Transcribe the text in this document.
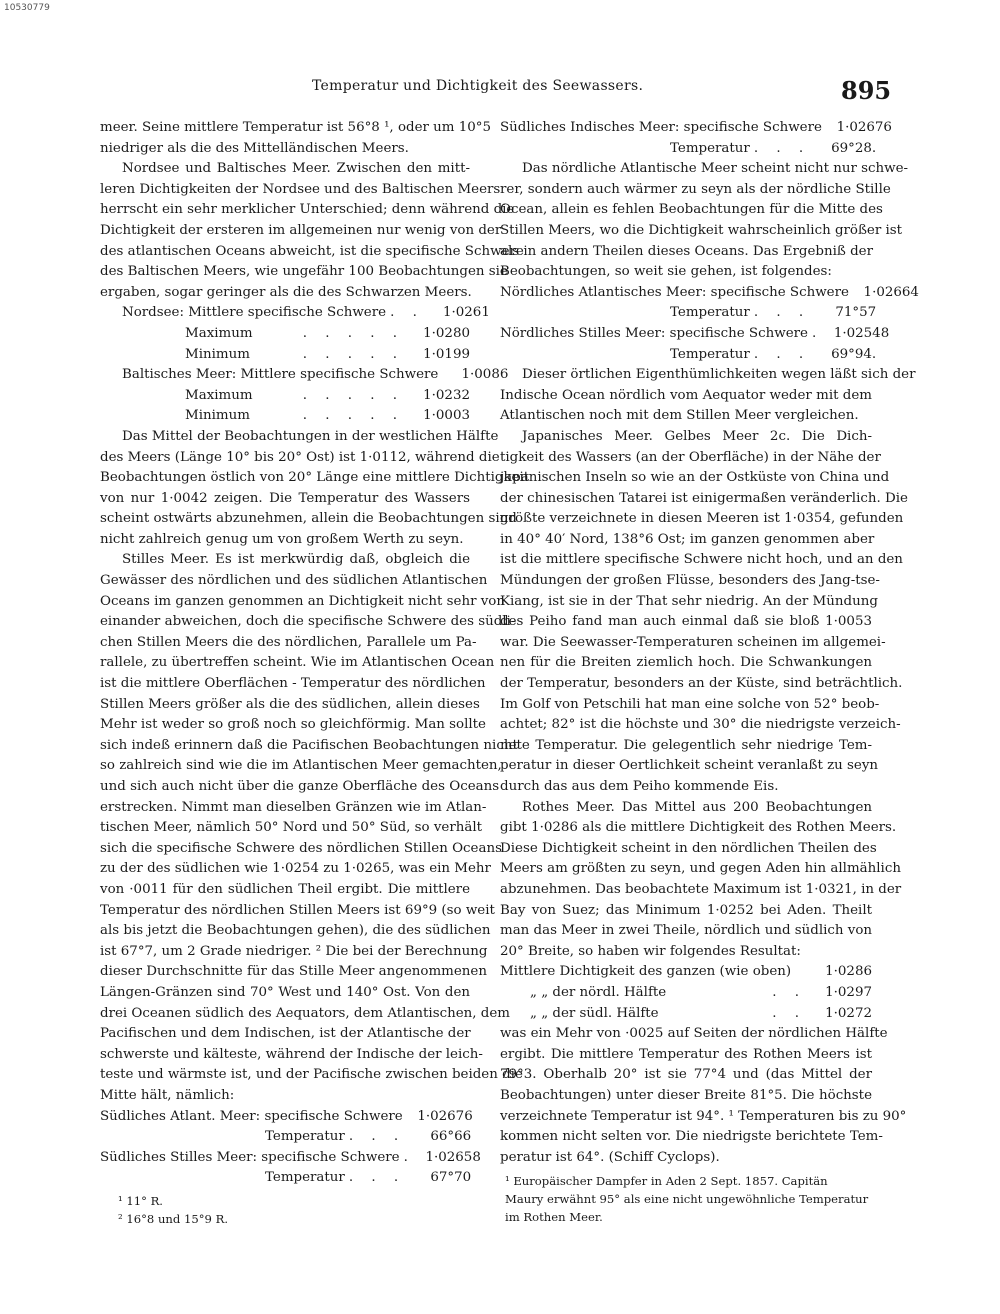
10530779
Temperatur und Dichtigkeit des Seewassers.	895
meer. Seine mittlere Temperatur ist 56°8 ¹, oder um 10°5
niedriger als die des Mittelländischen Meers.
Nordsee und Baltisches Meer. Zwischen den mitt-
leren Dichtigkeiten der Nordsee und des Baltischen Meers
herrscht ein sehr merklicher Unterschied; denn während die
Dichtigkeit der ersteren im allgemeinen nur wenig von der
des atlantischen Oceans abweicht, ist die specifische Schwere
des Baltischen Meers, wie ungefähr 100 Beobachtungen sie
ergaben, sogar geringer als die des Schwarzen Meers.
Nordsee: Mittlere specifische Schwere . .	1·0261
Maximum	. . . . .	1·0280
Minimum	. . . . .	1·0199
Baltisches Meer: Mittlere specifische Schwere	1·0086
Maximum	. . . . .	1·0232
Minimum	. . . . .	1·0003
Das Mittel der Beobachtungen in der westlichen Hälfte
des Meers (Länge 10° bis 20° Ost) ist 1·0112, während die
Beobachtungen östlich von 20° Länge eine mittlere Dichtigkeit
von nur 1·0042 zeigen. Die Temperatur des Wassers
scheint ostwärts abzunehmen, allein die Beobachtungen sind
nicht zahlreich genug um von großem Werth zu seyn.
Stilles Meer. Es ist merkwürdig daß, obgleich die
Gewässer des nördlichen und des südlichen Atlantischen
Oceans im ganzen genommen an Dichtigkeit nicht sehr von
einander abweichen, doch die specifische Schwere des südli-
chen Stillen Meers die des nördlichen, Parallele um Pa-
rallele, zu übertreffen scheint. Wie im Atlantischen Ocean
ist die mittlere Oberflächen - Temperatur des nördlichen
Stillen Meers größer als die des südlichen, allein dieses
Mehr ist weder so groß noch so gleichförmig. Man sollte
sich indeß erinnern daß die Pacifischen Beobachtungen nicht
so zahlreich sind wie die im Atlantischen Meer gemachten,
und sich auch nicht über die ganze Oberfläche des Oceans
erstrecken. Nimmt man dieselben Gränzen wie im Atlan-
tischen Meer, nämlich 50° Nord und 50° Süd, so verhält
sich die specifische Schwere des nördlichen Stillen Oceans
zu der des südlichen wie 1·0254 zu 1·0265, was ein Mehr
von ·0011 für den südlichen Theil ergibt. Die mittlere
Temperatur des nördlichen Stillen Meers ist 69°9 (so weit
als bis jetzt die Beobachtungen gehen), die des südlichen
ist 67°7, um 2 Grade niedriger. ² Die bei der Berechnung
dieser Durchschnitte für das Stille Meer angenommenen
Längen-Gränzen sind 70° West und 140° Ost. Von den
drei Oceanen südlich des Aequators, dem Atlantischen, dem
Pacifischen und dem Indischen, ist der Atlantische der
schwerste und kälteste, während der Indische der leich-
teste und wärmste ist, und der Pacifische zwischen beiden die
Mitte hält, nämlich:
Südliches Atlant. Meer: specifische Schwere	1·02676
Temperatur . . .	66°66
Südliches Stilles Meer: specifische Schwere . 1·02658
Temperatur . . .	67°70
Südliches Indisches Meer: specifische Schwere	1·02676
Temperatur . . .	69°28.
Das nördliche Atlantische Meer scheint nicht nur schwe-
rer, sondern auch wärmer zu seyn als der nördliche Stille
Ocean, allein es fehlen Beobachtungen für die Mitte des
Stillen Meers, wo die Dichtigkeit wahrscheinlich größer ist
als in andern Theilen dieses Oceans. Das Ergebniß der
Beobachtungen, so weit sie gehen, ist folgendes:
Nördliches Atlantisches Meer: specifische Schwere	1·02664
Temperatur . . .	71°57
Nördliches Stilles Meer: specifische Schwere . 1·02548
Temperatur . . .	69°94.
Dieser örtlichen Eigenthümlichkeiten wegen läßt sich der
Indische Ocean nördlich vom Aequator weder mit dem
Atlantischen noch mit dem Stillen Meer vergleichen.
Japanisches Meer. Gelbes Meer 2c. Die Dich-
tigkeit des Wassers (an der Oberfläche) in der Nähe der
japanischen Inseln so wie an der Ostküste von China und
der chinesischen Tatarei ist einigermaßen veränderlich. Die
größte verzeichnete in diesen Meeren ist 1·0354, gefunden
in 40° 40′ Nord, 138°6 Ost; im ganzen genommen aber
ist die mittlere specifische Schwere nicht hoch, und an den
Mündungen der großen Flüsse, besonders des Jang-tse-
Kiang, ist sie in der That sehr niedrig. An der Mündung
des Peiho fand man auch einmal daß sie bloß 1·0053
war. Die Seewasser-Temperaturen scheinen im allgemei-
nen für die Breiten ziemlich hoch. Die Schwankungen
der Temperatur, besonders an der Küste, sind beträchtlich.
Im Golf von Petschili hat man eine solche von 52° beob-
achtet; 82° ist die höchste und 30° die niedrigste verzeich-
nete Temperatur. Die gelegentlich sehr niedrige Tem-
peratur in dieser Oertlichkeit scheint veranlaßt zu seyn
durch das aus dem Peiho kommende Eis.
Rothes Meer. Das Mittel aus 200 Beobachtungen
gibt 1·0286 als die mittlere Dichtigkeit des Rothen Meers.
Diese Dichtigkeit scheint in den nördlichen Theilen des
Meers am größten zu seyn, und gegen Aden hin allmählich
abzunehmen. Das beobachtete Maximum ist 1·0321, in der
Bay von Suez; das Minimum 1·0252 bei Aden. Theilt
man das Meer in zwei Theile, nördlich und südlich von
20° Breite, so haben wir folgendes Resultat:
Mittlere Dichtigkeit des ganzen (wie oben)	1·0286
„ „ der nördl. Hälfte	. .	1·0297
„ „ der südl. Hälfte	. .	1·0272
was ein Mehr von ·0025 auf Seiten der nördlichen Hälfte
ergibt. Die mittlere Temperatur des Rothen Meers ist
79°3. Oberhalb 20° ist sie 77°4 und (das Mittel der
Beobachtungen) unter dieser Breite 81°5. Die höchste
verzeichnete Temperatur ist 94°. ¹ Temperaturen bis zu 90°
kommen nicht selten vor. Die niedrigste berichtete Tem-
peratur ist 64°. (Schiff Cyclops).
¹ 11° R.
² 16°8 und 15°9 R.
¹ Europäischer Dampfer in Aden 2 Sept. 1857. Capitän
Maury erwähnt 95° als eine nicht ungewöhnliche Temperatur
im Rothen Meer.
